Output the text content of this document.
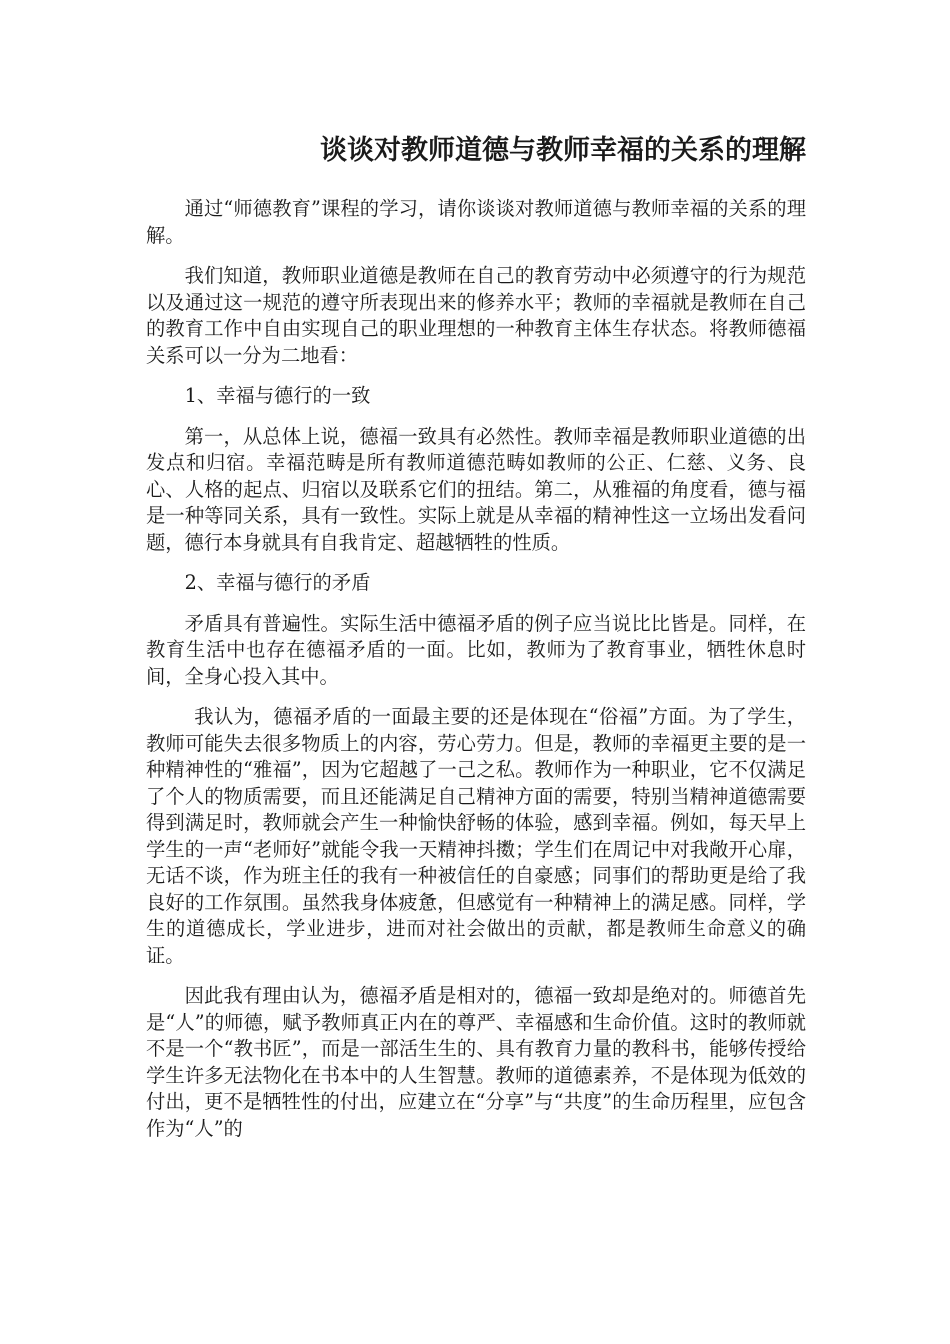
谈谈对教师道德与教师幸福的关系的理解

通过“师德教育”课程的学习，请你谈谈对教师道德与教师幸福的关系的理解。

我们知道，教师职业道德是教师在自己的教育劳动中必须遵守的行为规范以及通过这一规范的遵守所表现出来的修养水平；教师的幸福就是教师在自己的教育工作中自由实现自己的职业理想的一种教育主体生存状态。将教师德福关系可以一分为二地看：

1、幸福与德行的一致

第一，从总体上说，德福一致具有必然性。教师幸福是教师职业道德的出发点和归宿。幸福范畴是所有教师道德范畴如教师的公正、仁慈、义务、良心、人格的起点、归宿以及联系它们的扭结。第二，从雅福的角度看，德与福是一种等同关系，具有一致性。实际上就是从幸福的精神性这一立场出发看问题，德行本身就具有自我肯定、超越牺牲的性质。

2、幸福与德行的矛盾

矛盾具有普遍性。实际生活中德福矛盾的例子应当说比比皆是。同样，在教育生活中也存在德福矛盾的一面。比如，教师为了教育事业，牺牲休息时间，全身心投入其中。

我认为，德福矛盾的一面最主要的还是体现在“俗福”方面。为了学生，教师可能失去很多物质上的内容，劳心劳力。但是，教师的幸福更主要的是一种精神性的“雅福”，因为它超越了一己之私。教师作为一种职业，它不仅满足了个人的物质需要，而且还能满足自己精神方面的需要，特别当精神道德需要得到满足时，教师就会产生一种愉快舒畅的体验，感到幸福。例如，每天早上学生的一声“老师好”就能令我一天精神抖擞；学生们在周记中对我敞开心扉，无话不谈，作为班主任的我有一种被信任的自豪感；同事们的帮助更是给了我良好的工作氛围。虽然我身体疲惫，但感觉有一种精神上的满足感。同样，学生的道德成长，学业进步，进而对社会做出的贡献，都是教师生命意义的确证。

因此我有理由认为，德福矛盾是相对的，德福一致却是绝对的。师德首先是“人”的师德，赋予教师真正内在的尊严、幸福感和生命价值。这时的教师就不是一个“教书匠”，而是一部活生生的、具有教育力量的教科书，能够传授给学生许多无法物化在书本中的人生智慧。教师的道德素养，不是体现为低效的付出，更不是牺牲性的付出，应建立在“分享”与“共度”的生命历程里，应包含作为“人”的
